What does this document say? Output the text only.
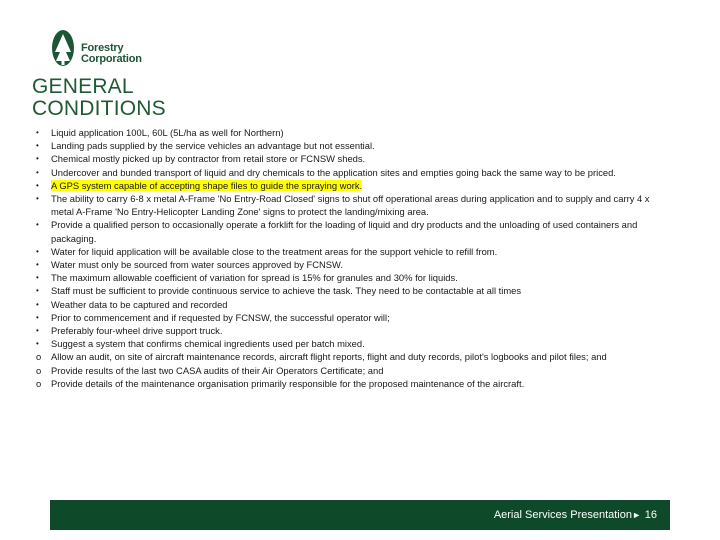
Forestry
Corporation
GENERAL
CONDITIONS
•	Liquid application 100L, 60L (5L/ha as well for Northern)
•	Landing pads supplied by the service vehicles an advantage but not essential.
•	Chemical mostly picked up by contractor from retail store or FCNSW sheds.
•	Undercover and bunded transport of liquid and dry chemicals to the application sites and empties going back the same way to be priced.
•	A GPS system capable of accepting shape files to guide the spraying work.
•	The ability to carry 6-8 x metal A-Frame 'No Entry-Road Closed' signs to shut off operational areas during application and to supply and carry 4 x metal A-Frame 'No Entry-Helicopter Landing Zone' signs to protect the landing/mixing area.
•	Provide a qualified person to occasionally operate a forklift for the loading of liquid and dry products and the unloading of used containers and packaging.
•	Water for liquid application will be available close to the treatment areas for the support vehicle to refill from.
•	Water must only be sourced from water sources approved by FCNSW.
•	The maximum allowable coefficient of variation for spread is 15% for granules and 30% for liquids.
•	Staff must be sufficient to provide continuous service to achieve the task. They need to be contactable at all times
•	Weather data to be captured and recorded
•	Prior to commencement and if requested by FCNSW, the successful operator will;
•	Preferably four-wheel drive support truck.
•	Suggest a system that confirms chemical ingredients used per batch mixed.
o	Allow an audit, on site of aircraft maintenance records, aircraft flight reports, flight and duty records, pilot's logbooks and pilot files; and
o	Provide results of the last two CASA audits of their Air Operators Certificate; and
o	Provide details of the maintenance organisation primarily responsible for the proposed maintenance of the aircraft.
Aerial Services Presentation ► 16
